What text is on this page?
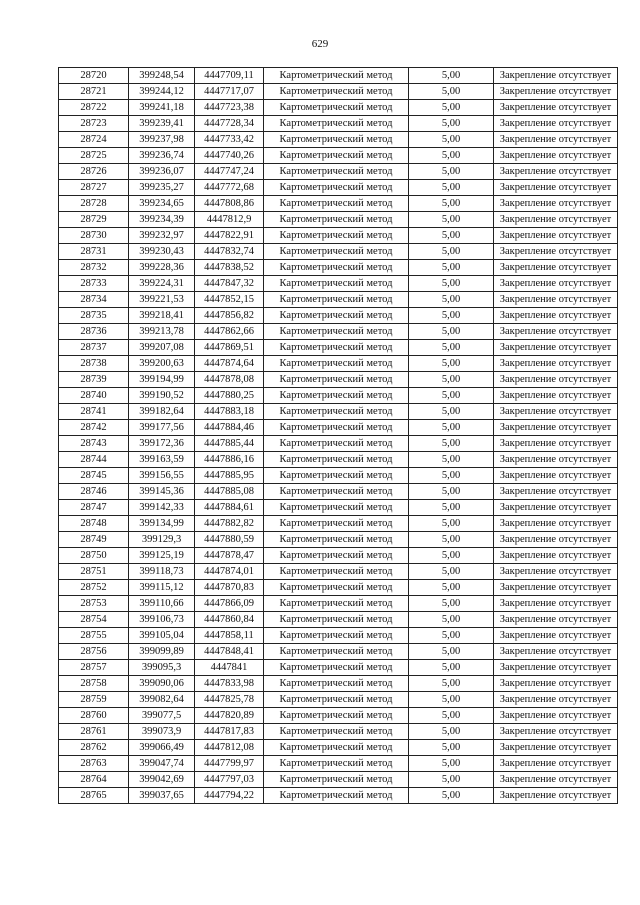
629
28720	399248,54	4447709,11	Картометрический метод	5,00	Закрепление отсутствует
28721	399244,12	4447717,07	Картометрический метод	5,00	Закрепление отсутствует
28722	399241,18	4447723,38	Картометрический метод	5,00	Закрепление отсутствует
28723	399239,41	4447728,34	Картометрический метод	5,00	Закрепление отсутствует
28724	399237,98	4447733,42	Картометрический метод	5,00	Закрепление отсутствует
28725	399236,74	4447740,26	Картометрический метод	5,00	Закрепление отсутствует
28726	399236,07	4447747,24	Картометрический метод	5,00	Закрепление отсутствует
28727	399235,27	4447772,68	Картометрический метод	5,00	Закрепление отсутствует
28728	399234,65	4447808,86	Картометрический метод	5,00	Закрепление отсутствует
28729	399234,39	4447812,9	Картометрический метод	5,00	Закрепление отсутствует
28730	399232,97	4447822,91	Картометрический метод	5,00	Закрепление отсутствует
28731	399230,43	4447832,74	Картометрический метод	5,00	Закрепление отсутствует
28732	399228,36	4447838,52	Картометрический метод	5,00	Закрепление отсутствует
28733	399224,31	4447847,32	Картометрический метод	5,00	Закрепление отсутствует
28734	399221,53	4447852,15	Картометрический метод	5,00	Закрепление отсутствует
28735	399218,41	4447856,82	Картометрический метод	5,00	Закрепление отсутствует
28736	399213,78	4447862,66	Картометрический метод	5,00	Закрепление отсутствует
28737	399207,08	4447869,51	Картометрический метод	5,00	Закрепление отсутствует
28738	399200,63	4447874,64	Картометрический метод	5,00	Закрепление отсутствует
28739	399194,99	4447878,08	Картометрический метод	5,00	Закрепление отсутствует
28740	399190,52	4447880,25	Картометрический метод	5,00	Закрепление отсутствует
28741	399182,64	4447883,18	Картометрический метод	5,00	Закрепление отсутствует
28742	399177,56	4447884,46	Картометрический метод	5,00	Закрепление отсутствует
28743	399172,36	4447885,44	Картометрический метод	5,00	Закрепление отсутствует
28744	399163,59	4447886,16	Картометрический метод	5,00	Закрепление отсутствует
28745	399156,55	4447885,95	Картометрический метод	5,00	Закрепление отсутствует
28746	399145,36	4447885,08	Картометрический метод	5,00	Закрепление отсутствует
28747	399142,33	4447884,61	Картометрический метод	5,00	Закрепление отсутствует
28748	399134,99	4447882,82	Картометрический метод	5,00	Закрепление отсутствует
28749	399129,3	4447880,59	Картометрический метод	5,00	Закрепление отсутствует
28750	399125,19	4447878,47	Картометрический метод	5,00	Закрепление отсутствует
28751	399118,73	4447874,01	Картометрический метод	5,00	Закрепление отсутствует
28752	399115,12	4447870,83	Картометрический метод	5,00	Закрепление отсутствует
28753	399110,66	4447866,09	Картометрический метод	5,00	Закрепление отсутствует
28754	399106,73	4447860,84	Картометрический метод	5,00	Закрепление отсутствует
28755	399105,04	4447858,11	Картометрический метод	5,00	Закрепление отсутствует
28756	399099,89	4447848,41	Картометрический метод	5,00	Закрепление отсутствует
28757	399095,3	4447841	Картометрический метод	5,00	Закрепление отсутствует
28758	399090,06	4447833,98	Картометрический метод	5,00	Закрепление отсутствует
28759	399082,64	4447825,78	Картометрический метод	5,00	Закрепление отсутствует
28760	399077,5	4447820,89	Картометрический метод	5,00	Закрепление отсутствует
28761	399073,9	4447817,83	Картометрический метод	5,00	Закрепление отсутствует
28762	399066,49	4447812,08	Картометрический метод	5,00	Закрепление отсутствует
28763	399047,74	4447799,97	Картометрический метод	5,00	Закрепление отсутствует
28764	399042,69	4447797,03	Картометрический метод	5,00	Закрепление отсутствует
28765	399037,65	4447794,22	Картометрический метод	5,00	Закрепление отсутствует
